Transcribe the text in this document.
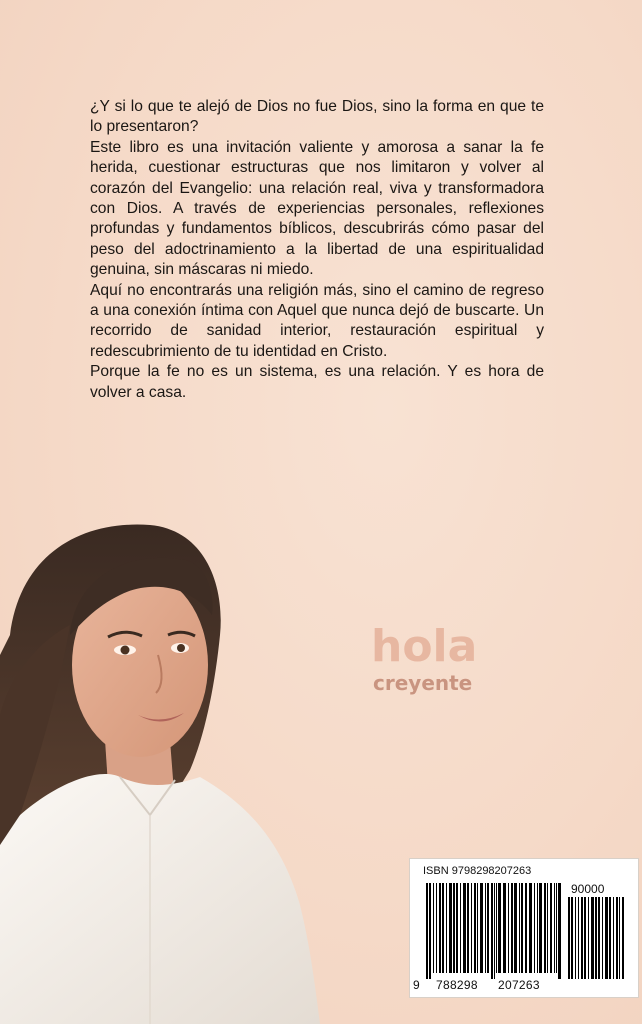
¿Y si lo que te alejó de Dios no fue Dios, sino la forma en que te lo presentaron?

Este libro es una invitación valiente y amorosa a sanar la fe herida, cuestionar estructuras que nos limitaron y volver al corazón del Evangelio: una relación real, viva y transformadora con Dios. A través de experiencias personales, reflexiones profundas y fundamentos bíblicos, descubrirás cómo pasar del peso del adoctrinamiento a la libertad de una espiritualidad genuina, sin máscaras ni miedo.

Aquí no encontrarás una religión más, sino el camino de regreso a una conexión íntima con Aquel que nunca dejó de buscarte. Un recorrido de sanidad interior, restauración espiritual y redescubrimiento de tu identidad en Cristo.

Porque la fe no es un sistema, es una relación. Y es hora de volver a casa.

hola
creyente
ISBN 9798298207263
90000
9 788298 207263
